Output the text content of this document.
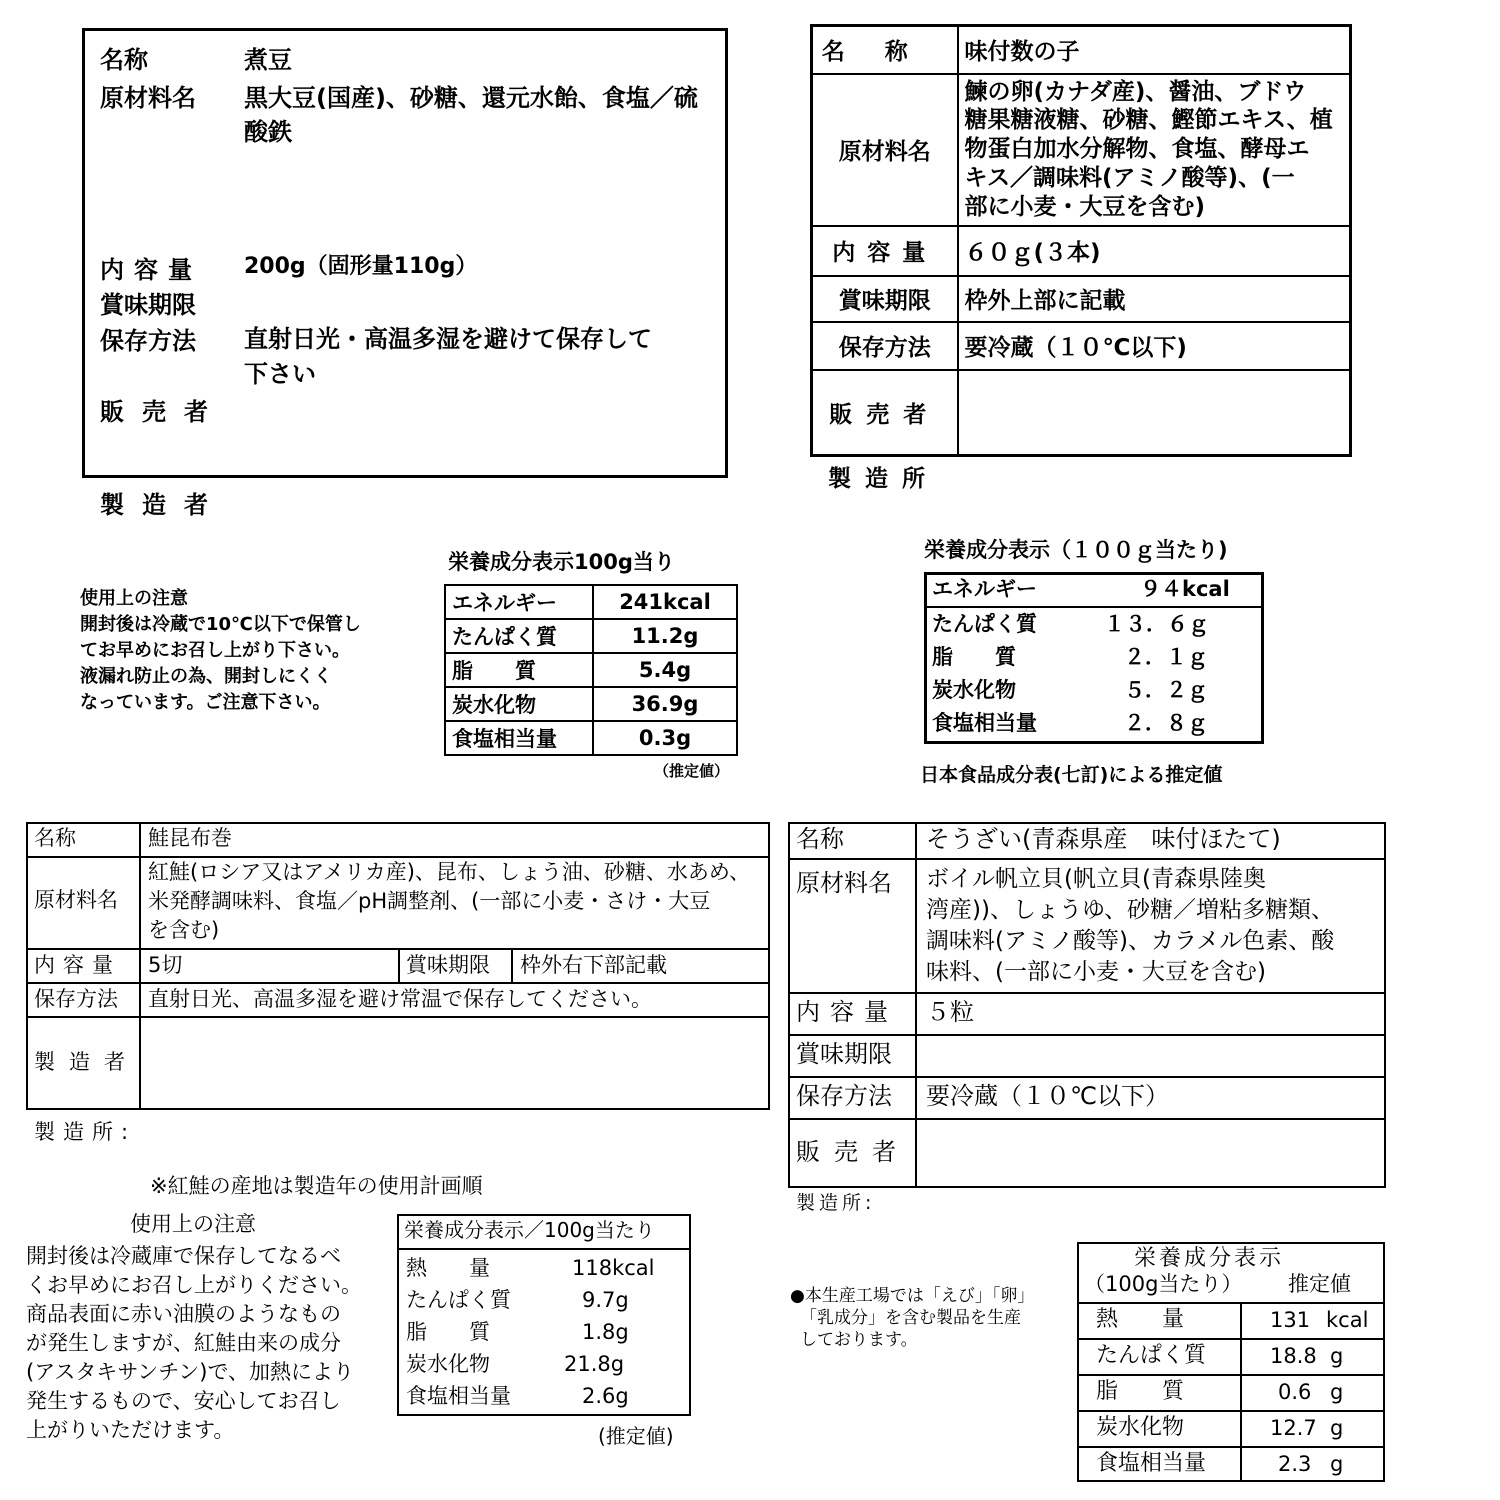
名称	煮豆
原材料名 黒大豆(国産)、砂糖、還元水飴、食塩／硫
酸鉄
内容量 200g（固形量110g）
賞味期限
保存方法 直射日光・高温多湿を避けて保存して
下さい
販売者
製造者
使用上の注意
開封後は冷蔵で10℃以下で保管し
てお早めにお召し上がり下さい。
液漏れ防止の為、開封しにくく
なっています。ご注意下さい。
栄養成分表示100g当り
エネルギー	241kcal
たんぱく質	11.2g
脂　　質	5.4g
炭水化物	36.9g
食塩相当量	0.3g
（推定値）
名称	味付数の子
原材料名	鰊の卵(カナダ産)、醤油、ブドウ
糖果糖液糖、砂糖、鰹節エキス、植
物蛋白加水分解物、食塩、酵母エ
キス／調味料(アミノ酸等)、(一
部に小麦・大豆を含む)

内容量	６０ｇ(３本)
賞味期限	枠外上部に記載
保存方法	要冷蔵（１０℃以下)
販売者	
製造所
栄養成分表示（１００ｇ当たり)
エネルギー	９４kcal
たんぱく質	１３．６ｇ
脂　　質	２．１ｇ
炭水化物	５．２ｇ
食塩相当量	２．８ｇ
日本食品成分表(七訂)による推定値
名称	鮭昆布巻
原材料名
紅鮭(ロシア又はアメリカ産)、昆布、しょう油、砂糖、水あめ、
米発酵調味料、食塩／pH調整剤、(一部に小麦・さけ・大豆
を含む)
内容量 5切	賞味期限 枠外右下部記載
保存方法 直射日光、高温多湿を避け常温で保存してください。
製造者
製造所:
※紅鮭の産地は製造年の使用計画順
使用上の注意
開封後は冷蔵庫で保存してなるべ
くお早めにお召し上がりください。
商品表面に赤い油膜のようなもの
が発生しますが、紅鮭由来の成分
(アスタキサンチン)で、加熱により
発生するもので、安心してお召し
上がりいただけます。
栄養成分表示／100g当たり
熱　　量	118kcal
たんぱく質	9.7g
脂　　質	1.8g
炭水化物	21.8g
食塩相当量	2.6g
(推定値)
名称	そうざい(青森県産　味付ほたて)
原材料名 ボイル帆立貝(帆立貝(青森県陸奥
湾産))、しょうゆ、砂糖／増粘多糖類、
調味料(アミノ酸等)、カラメル色素、酸
味料、(一部に小麦・大豆を含む)
内容量 ５粒
賞味期限
保存方法 要冷蔵（１０℃以下）
販売者
製造所:
●本生産工場では「えび」「卵」
「乳成分」を含む製品を生産
しております。
栄養成分表示
（100g当たり） 推定値
熱　　量	131 kcal
たんぱく質	18.8 g
脂　　質	0.6 g
炭水化物	12.7 g
食塩相当量	2.3 g
